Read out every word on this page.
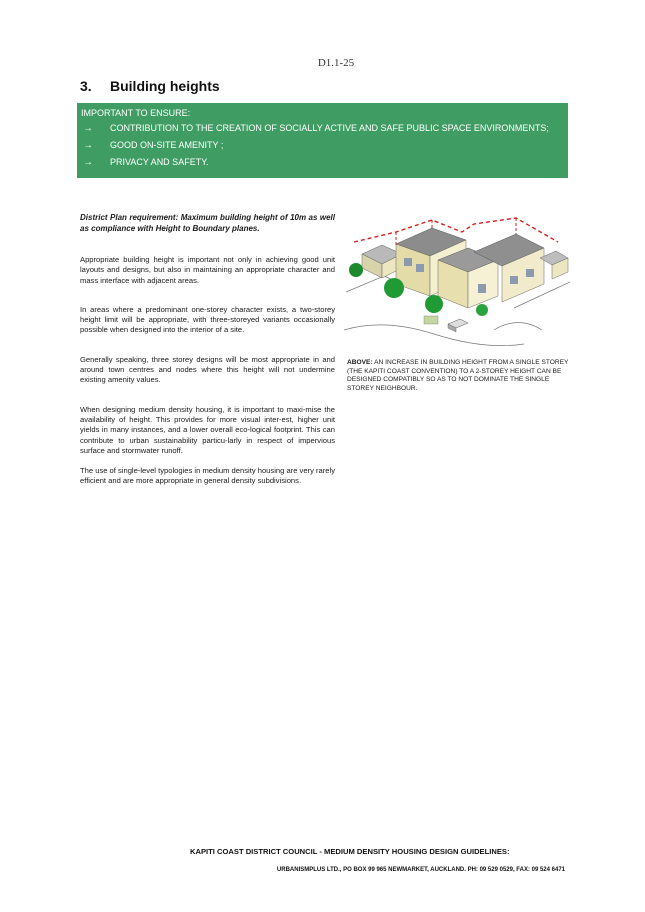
D1.1-25
3. Building heights
IMPORTANT TO ENSURE:
→	CONTRIBUTION TO THE CREATION OF SOCIALLY ACTIVE AND SAFE PUBLIC SPACE ENVIRONMENTS;
→	GOOD ON-SITE AMENITY ;
→	PRIVACY AND SAFETY.

District Plan requirement: Maximum building height of 10m as well as compliance with Height to Boundary planes.

Appropriate building height is important not only in achieving good unit layouts and designs, but also in maintaining an appropriate character and mass interface with adjacent areas.

In areas where a predominant one-storey character exists, a two-storey height limit will be appropriate, with three-storeyed variants occasionally possible when designed into the interior of a site.

Generally speaking, three storey designs will be most appropriate in and around town centres and nodes where this height will not undermine existing amenity values.

When designing medium density housing, it is important to maxi-mise the availability of height. This provides for more visual inter-est, higher unit yields in many instances, and a lower overall eco-logical footprint. This can contribute to urban sustainability particu-larly in respect of impervious surface and stormwater runoff.

The use of single-level typologies in medium density housing are very rarely efficient and are more appropriate in general density subdivisions.

ABOVE: AN INCREASE IN BUILDING HEIGHT FROM A SINGLE STOREY (THE KAPITI COAST CONVENTION) TO A 2-STOREY HEIGHT CAN BE DESIGNED COMPATIBLY SO AS TO NOT DOMINATE THE SINGLE STOREY NEIGHBOUR.
KAPITI COAST DISTRICT COUNCIL - MEDIUM DENSITY HOUSING DESIGN GUIDELINES:
URBANISMPLUS LTD., PO BOX 99 965 NEWMARKET, AUCKLAND. PH: 09 529 0529, FAX: 09 524 6471
